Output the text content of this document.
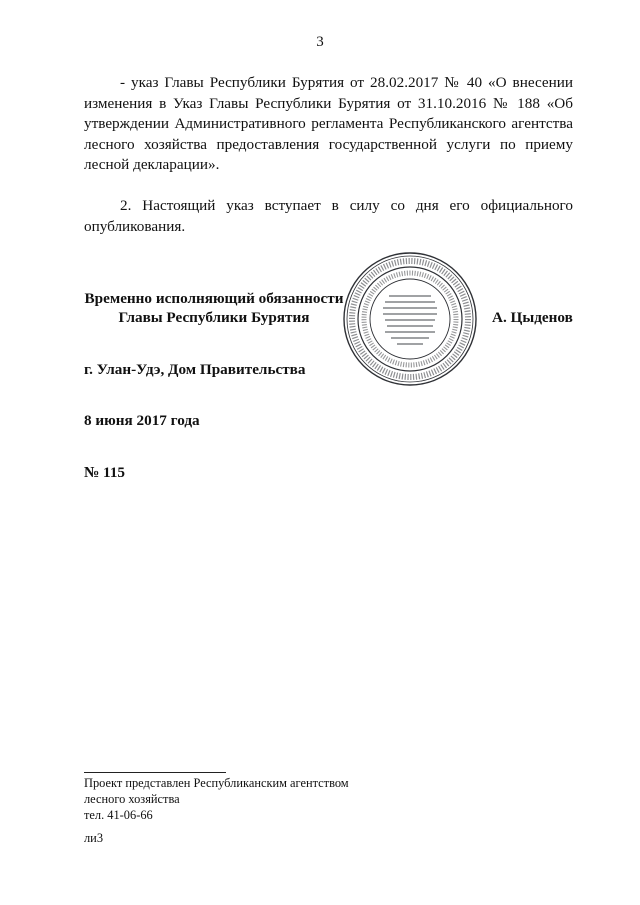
3

- указ Главы Республики Бурятия от 28.02.2017 № 40 «О внесении изменения в Указ Главы Республики Бурятия от 31.10.2016 № 188 «Об утверждении Административного регламента Республиканского агентства лесного хозяйства предоставления государственной услуги по приему лесной декларации».

2. Настоящий указ вступает в силу со дня его официального опубликования.

Временно исполняющий обязанности
Главы Республики Бурятия	А. Цыденов
г. Улан-Удэ, Дом Правительства
8 июня 2017 года
№ 115
Проект представлен Республиканским агентством
лесного хозяйства
тел. 41-06-66
ли3
